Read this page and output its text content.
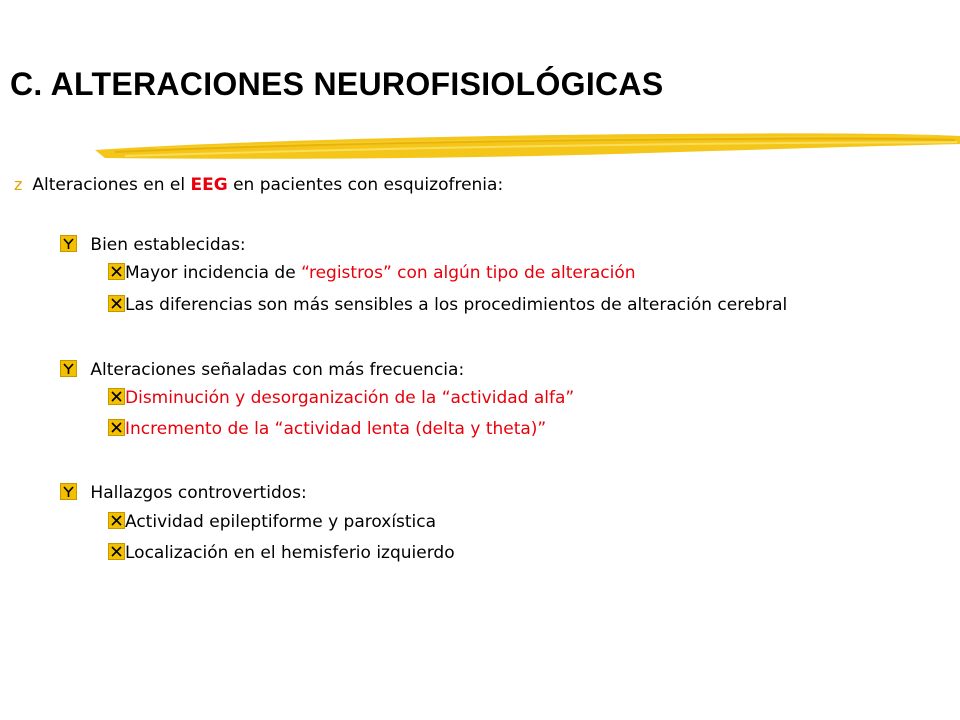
C. ALTERACIONES NEUROFISIOLÓGICAS
z Alteraciones en el EEG en pacientes con esquizofrenia:
Bien establecidas:
Mayor incidencia de “registros” con algún tipo de alteración
Las diferencias son más sensibles a los procedimientos de alteración cerebral
Alteraciones señaladas con más frecuencia:
Disminución y desorganización de la “actividad alfa”
Incremento de la “actividad lenta (delta y theta)”
Hallazgos controvertidos:
Actividad epileptiforme y paroxística
Localización en el hemisferio izquierdo
